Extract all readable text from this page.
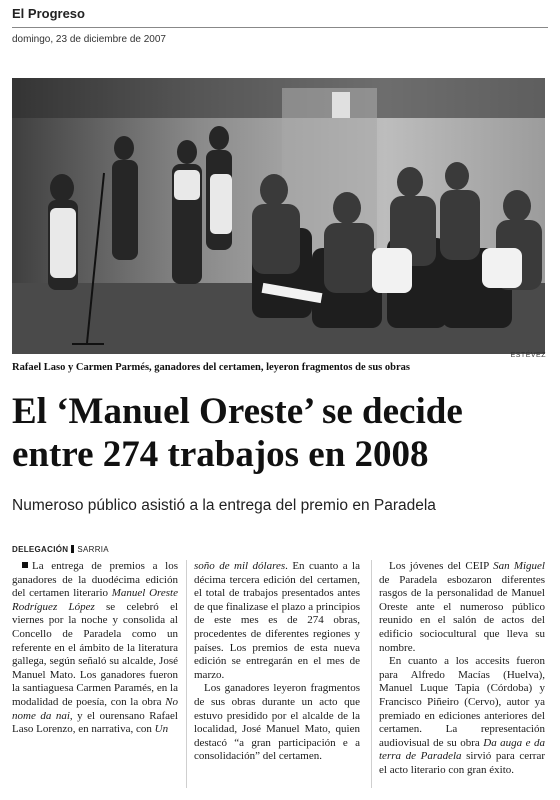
El Progreso
domingo, 23 de diciembre de 2007
ESTÉVEZ
Rafael Laso y Carmen Parmés, ganadores del certamen, leyeron fragmentos de sus obras
El ‘Manuel Oreste’ se decide
entre 274 trabajos en 2008
Numeroso público asistió a la entrega del premio en Paradela
DELEGACIÓN SARRIA

La entrega de premios a los ganadores de la duodécima edición del certamen literario Manuel Oreste Rodríguez López se celebró el viernes por la noche y consolida al Concello de Paradela como un referente en el ámbito de la literatura gallega, según señaló su alcalde, José Manuel Mato. Los ganadores fueron la santiaguesa Carmen Paramés, en la modalidad de poesía, con la obra No nome da nai, y el ourensano Rafael Laso Lorenzo, en narrativa, con Un

soño de mil dólares. En cuanto a la décima tercera edición del certamen, el total de trabajos presentados antes de que finalizase el plazo a principios de este mes es de 274 obras, procedentes de diferentes regiones y países. Los premios de esta nueva edición se entregarán en el mes de marzo.

Los ganadores leyeron fragmentos de sus obras durante un acto que estuvo presidido por el alcalde de la localidad, José Manuel Mato, quien destacó “a gran participación e a consolidación” del certamen.

Los jóvenes del CEIP San Miguel de Paradela esbozaron diferentes rasgos de la personalidad de Manuel Oreste ante el numeroso público reunido en el salón de actos del edificio sociocultural que lleva su nombre.

En cuanto a los accesits fueron para Alfredo Macías (Huelva), Manuel Luque Tapia (Córdoba) y Francisco Piñeiro (Cervo), autor ya premiado en ediciones anteriores del certamen. La representación audiovisual de su obra Da auga e da terra de Paradela sirvió para cerrar el acto literario con gran éxito.
